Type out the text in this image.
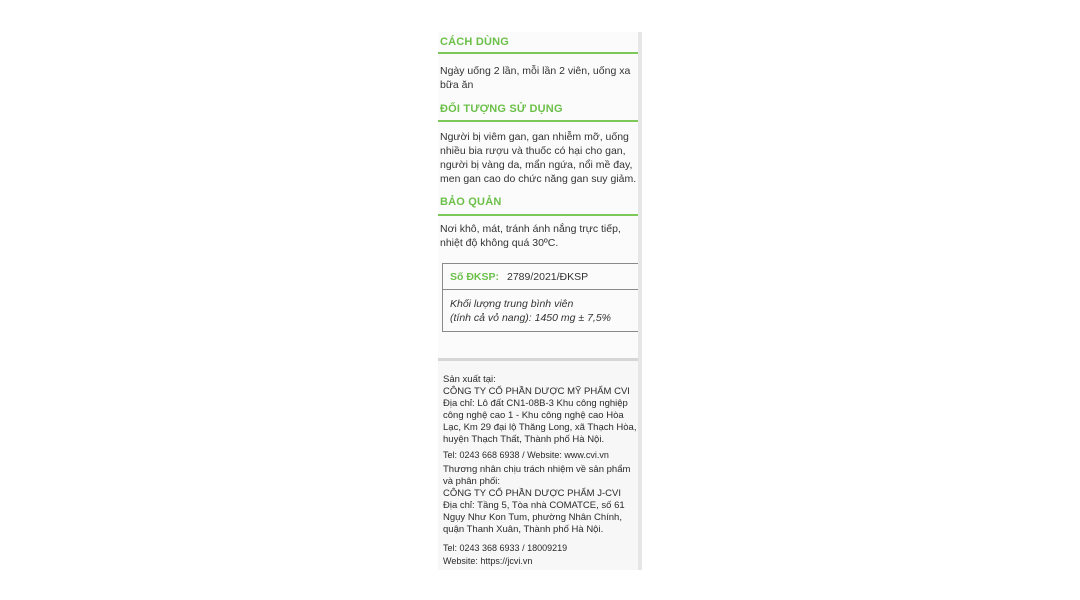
CÁCH DÙNG
Ngày uống 2 lần, mỗi lần 2 viên, uống xa
bữa ăn
ĐỐI TƯỢNG SỬ DỤNG
Người bị viêm gan, gan nhiễm mỡ, uống
nhiều bia rượu và thuốc có hại cho gan,
người bị vàng da, mẩn ngứa, nổi mề đay,
men gan cao do chức năng gan suy giảm.
BẢO QUẢN
Nơi khô, mát, tránh ánh nắng trực tiếp,
nhiệt độ không quá 30ºC.
Số ĐKSP: 2789/2021/ĐKSP
Khối lượng trung bình viên
(tính cả vỏ nang): 1450 mg ± 7,5%
Sản xuất tại:
CÔNG TY CỔ PHẦN DƯỢC MỸ PHẨM CVI
Địa chỉ: Lô đất CN1-08B-3 Khu công nghiệp
công nghệ cao 1 - Khu công nghệ cao Hòa
Lạc, Km 29 đại lộ Thăng Long, xã Thạch Hòa,
huyện Thạch Thất, Thành phố Hà Nội.
Tel: 0243 668 6938 / Website: www.cvi.vn
Thương nhân chịu trách nhiệm về sản phẩm
và phân phối:
CÔNG TY CỔ PHẦN DƯỢC PHẨM J-CVI
Địa chỉ: Tầng 5, Tòa nhà COMATCE, số 61
Ngụy Như Kon Tum, phường Nhân Chính,
quận Thanh Xuân, Thành phố Hà Nội.
Tel: 0243 368 6933 / 18009219
Website: https://jcvi.vn
